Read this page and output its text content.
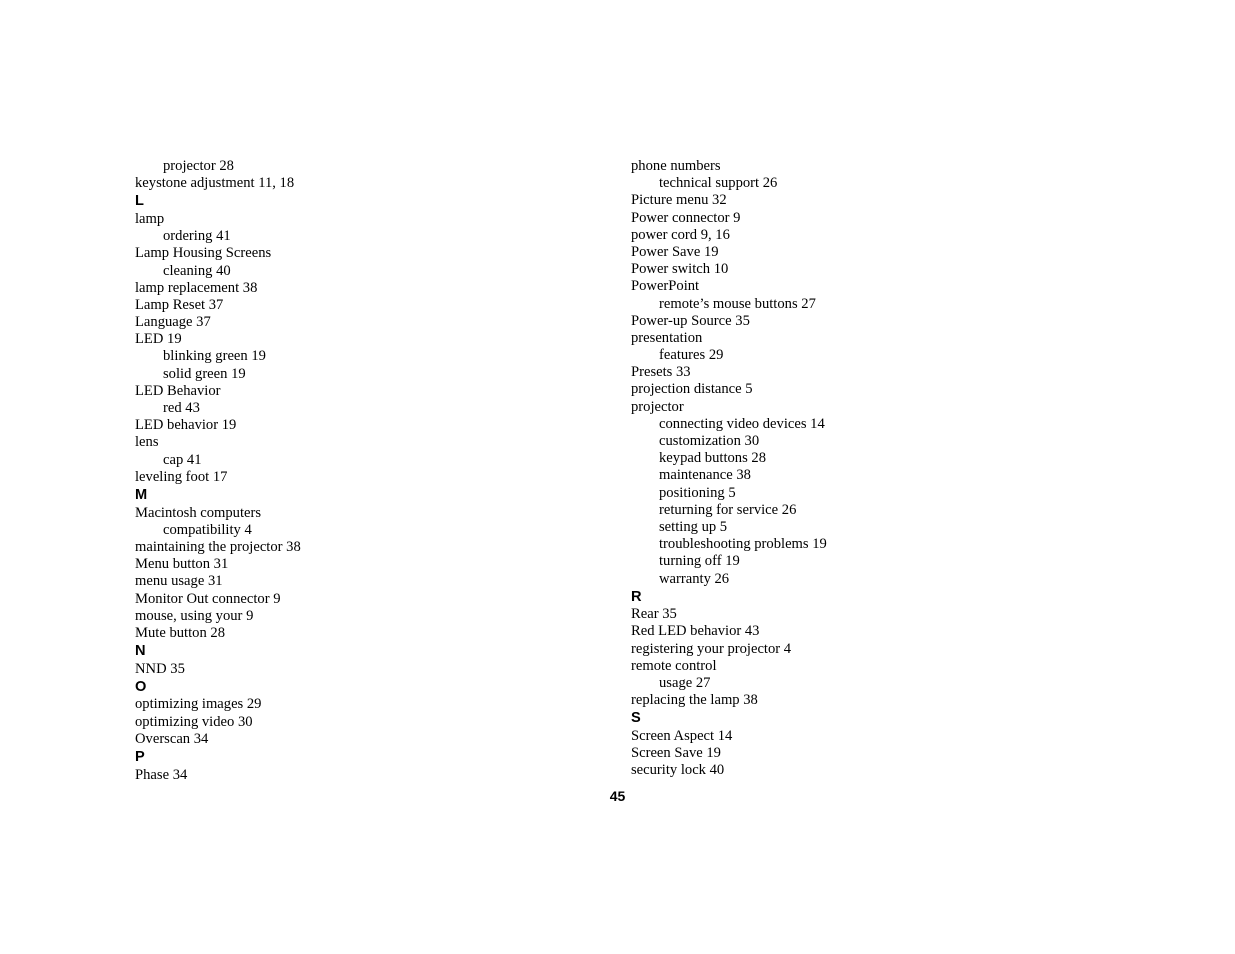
projector 28
keystone adjustment 11, 18
L
lamp
ordering 41
Lamp Housing Screens
cleaning 40
lamp replacement 38
Lamp Reset 37
Language 37
LED 19
blinking green 19
solid green 19
LED Behavior
red 43
LED behavior 19
lens
cap 41
leveling foot 17
M
Macintosh computers
compatibility 4
maintaining the projector 38
Menu button 31
menu usage 31
Monitor Out connector 9
mouse, using your 9
Mute button 28
N
NND 35
O
optimizing images 29
optimizing video 30
Overscan 34
P
Phase 34
phone numbers
technical support 26
Picture menu 32
Power connector 9
power cord 9, 16
Power Save 19
Power switch 10
PowerPoint
remote’s mouse buttons 27
Power-up Source 35
presentation
features 29
Presets 33
projection distance 5
projector
connecting video devices 14
customization 30
keypad buttons 28
maintenance 38
positioning 5
returning for service 26
setting up 5
troubleshooting problems 19
turning off 19
warranty 26
R
Rear 35
Red LED behavior 43
registering your projector 4
remote control
usage 27
replacing the lamp 38
S
Screen Aspect 14
Screen Save 19
security lock 40
45
